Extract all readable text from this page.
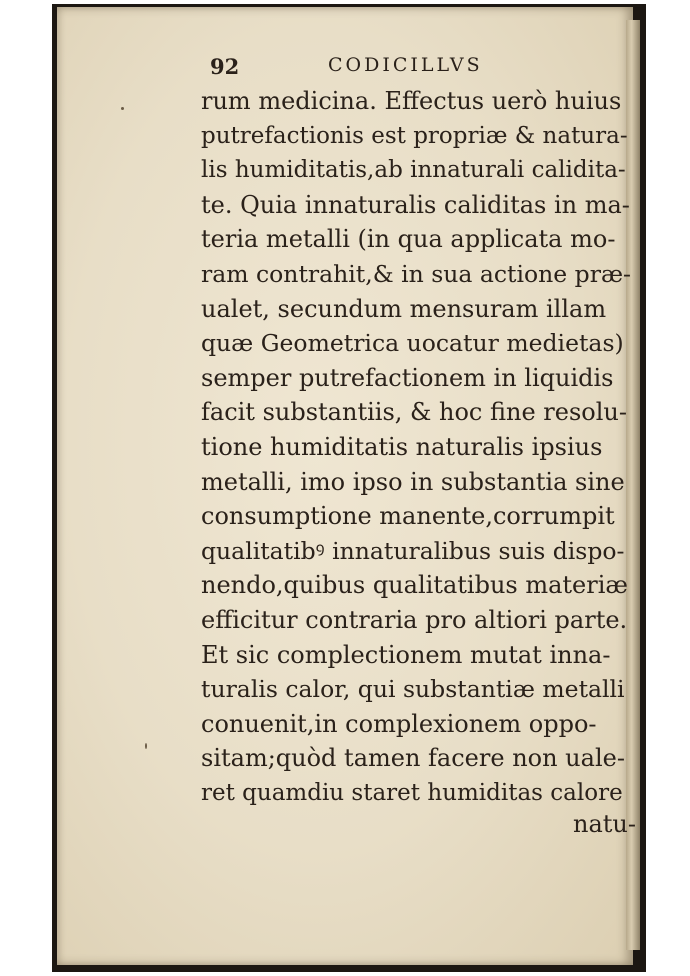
92	CODICILLVS
rum medicina. Effectus uerò huius
putrefactionis est propriæ & natura-
lis humiditatis,ab innaturali calidita-
te. Quia innaturalis caliditas in ma-
teria metalli (in qua applicata mo-
ram contrahit,& in sua actione præ-
ualet, secundum mensuram illam
quæ Geometrica uocatur medietas)
semper putrefactionem in liquidis
facit substantiis, & hoc fine resolu-
tione humiditatis naturalis ipsius
metalli, imo ipso in substantia sine
consumptione manente,corrumpit
qualitatibꝰ innaturalibus suis dispo-
nendo,quibus qualitatibus materiæ
efficitur contraria pro altiori parte.
Et sic complectionem mutat inna-
turalis calor, qui substantiæ metalli
conuenit,in complexionem oppo-
sitam;quòd tamen facere non uale-
ret quamdiu staret humiditas calore
natu-
